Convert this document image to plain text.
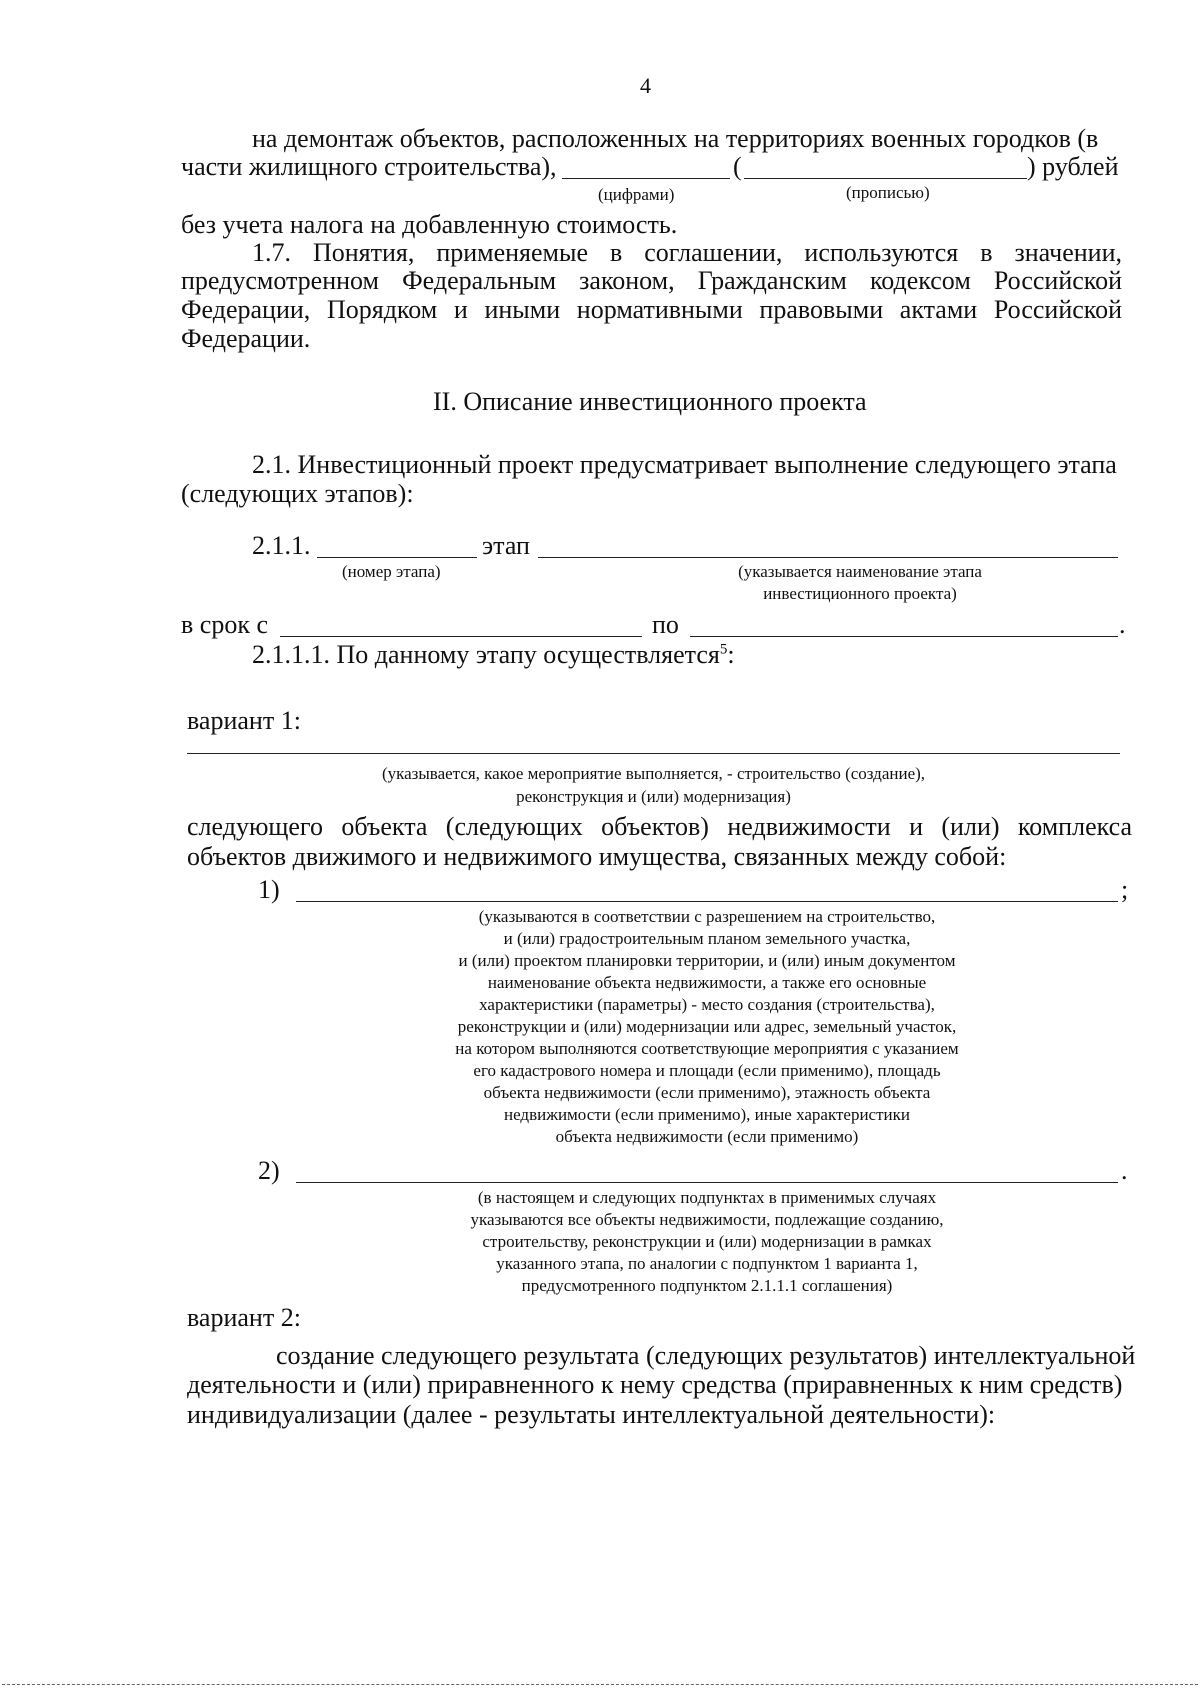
4
на демонтаж объектов, расположенных на территориях военных городков (в
части жилищного строительства),	(	) рублей
(цифрами)	(прописью)
без учета налога на добавленную стоимость.
1.7. Понятия, применяемые в соглашении, используются в значении,
предусмотренном Федеральным законом, Гражданским кодексом Российской
Федерации, Порядком и иными нормативными правовыми актами Российской
Федерации.
II. Описание инвестиционного проекта
2.1. Инвестиционный проект предусматривает выполнение следующего этапа
(следующих этапов):
2.1.1.	этап
(номер этапа)	(указывается наименование этапа
инвестиционного проекта)
в срок с	по	.
2.1.1.1. По данному этапу осуществляется$^5$:
вариант 1:
(указывается, какое мероприятие выполняется, - строительство (создание),
реконструкция и (или) модернизация)
следующего объекта (следующих объектов) недвижимости и (или) комплекса
объектов движимого и недвижимого имущества, связанных между собой:
1)	;
(указываются в соответствии с разрешением на строительство,
и (или) градостроительным планом земельного участка,
и (или) проектом планировки территории, и (или) иным документом
наименование объекта недвижимости, а также его основные
характеристики (параметры) - место создания (строительства),
реконструкции и (или) модернизации или адрес, земельный участок,
на котором выполняются соответствующие мероприятия с указанием
его кадастрового номера и площади (если применимо), площадь
объекта недвижимости (если применимо), этажность объекта
недвижимости (если применимо), иные характеристики
объекта недвижимости (если применимо)
2)	.
(в настоящем и следующих подпунктах в применимых случаях
указываются все объекты недвижимости, подлежащие созданию,
строительству, реконструкции и (или) модернизации в рамках
указанного этапа, по аналогии с подпунктом 1 варианта 1,
предусмотренного подпунктом 2.1.1.1 соглашения)
вариант 2:
создание следующего результата (следующих результатов) интеллектуальной
деятельности и (или) приравненного к нему средства (приравненных к ним средств)
индивидуализации (далее - результаты интеллектуальной деятельности):
